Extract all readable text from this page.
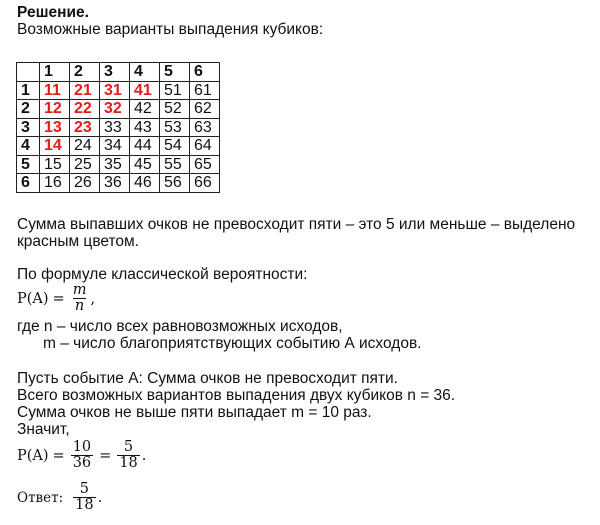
Решение.
Возможные варианты выпадения кубиков:
	1	2	3	4	5	6
1	11	21	31	41	51	61
2	12	22	32	42	52	62
3	13	23	33	43	53	63
4	14	24	34	44	54	64
5	15	25	35	45	55	65
6	16	26	36	46	56	66
Сумма выпавших очков не превосходит пяти – это 5 или меньше – выделено
красным цветом.
По формуле классической вероятности:
$P(A) = \frac{m}{n}$ ,
где n – число всех равновозможных исходов,
m – число благоприятствующих событию А исходов.
Пусть событие А: Сумма очков не превосходит пяти.
Всего возможных вариантов выпадения двух кубиков n = 36.
Сумма очков не выше пяти выпадает m = 10 раз.
Значит,
$P(A) = \frac{10}{36} = \frac{5}{18}$ .
Ответ: $\frac{5}{18}$ .
